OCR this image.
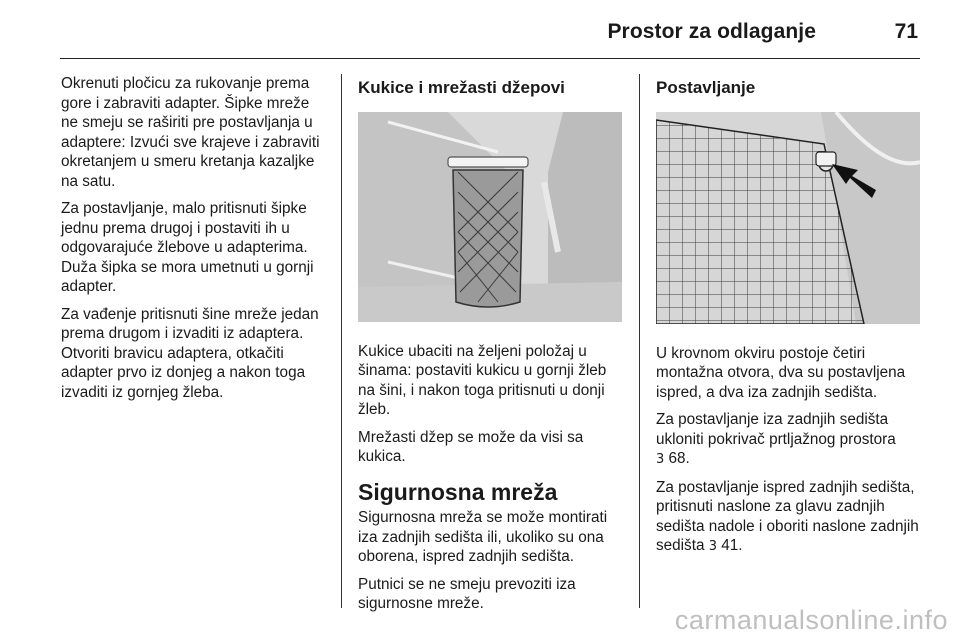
Prostor za odlaganje	71

Okrenuti pločicu za rukovanje prema gore i zabraviti adapter. Šipke mreže ne smeju se raširiti pre postavljanja u adaptere: Izvući sve krajeve i zabraviti okretanjem u smeru kretanja kazaljke na satu.

Za postavljanje, malo pritisnuti šipke jednu prema drugoj i postaviti ih u odgovarajuće žlebove u adapterima. Duža šipka se mora umetnuti u gornji adapter.

Za vađenje pritisnuti šine mreže jedan prema drugom i izvaditi iz adaptera. Otvoriti bravicu adaptera, otkačiti adapter prvo iz donjeg a nakon toga izvaditi iz gornjeg žleba.

Kukice i mrežasti džepovi

Kukice ubaciti na željeni položaj u šinama: postaviti kukicu u gornji žleb na šini, i nakon toga pritisnuti u donji žleb.

Mrežasti džep se može da visi sa kukica.

Sigurnosna mreža

Sigurnosna mreža se može montirati iza zadnjih sedišta ili, ukoliko su ona oborena, ispred zadnjih sedišta.

Putnici se ne smeju prevoziti iza sigurnosne mreže.

Postavljanje

U krovnom okviru postoje četiri montažna otvora, dva su postavljena ispred, a dva iza zadnjih sedišta.

Za postavljanje iza zadnjih sedišta ukloniti pokrivač prtljažnog prostora
3 68.

Za postavljanje ispred zadnjih sedišta, pritisnuti naslone za glavu zadnjih sedišta nadole i oboriti naslone zadnjih sedišta 3 41.

carmanualsonline.info
